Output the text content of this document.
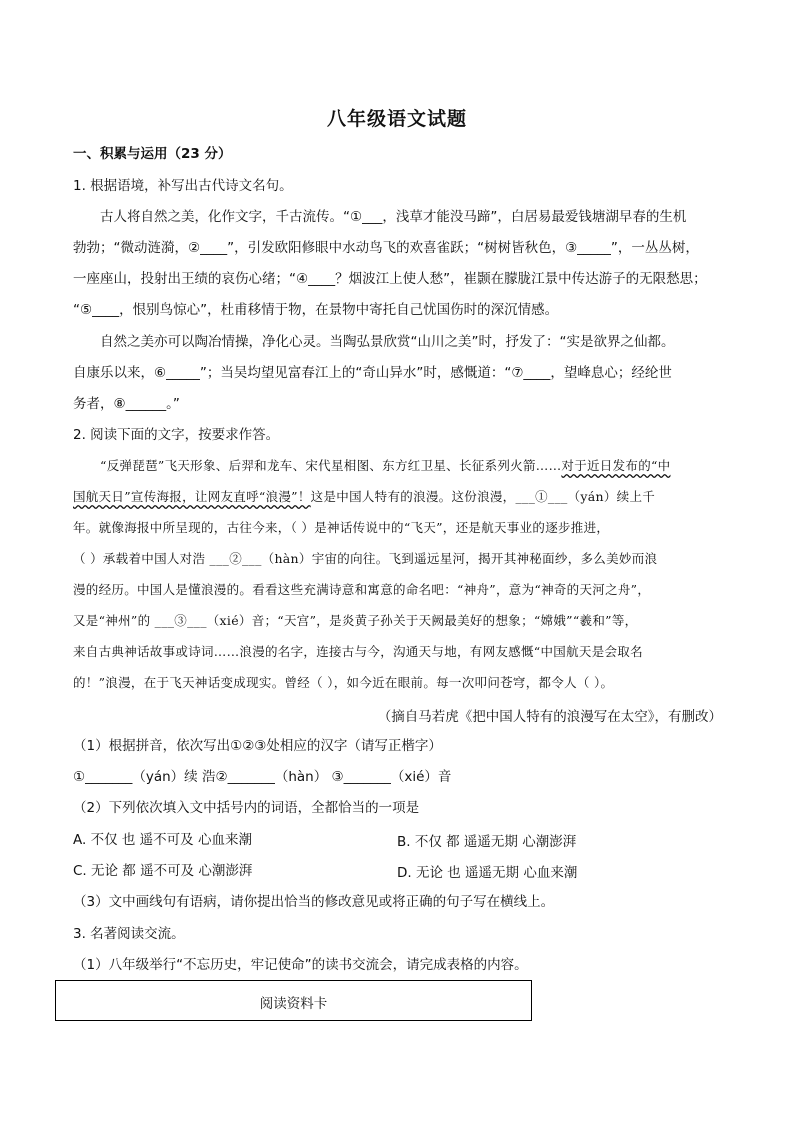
八年级语文试题
一、积累与运用（23 分）
1. 根据语境，补写出古代诗文名句。
古人将自然之美，化作文字，千古流传。“①___，浅草才能没马蹄”，白居易最爱钱塘湖早春的生机
勃勃；“微动涟漪，②____”，引发欧阳修眼中水动鸟飞的欢喜雀跃；“树树皆秋色，③_____”，一丛丛树，
一座座山，投射出王绩的哀伤心绪；“④____？烟波江上使人愁”，崔颢在朦胧江景中传达游子的无限愁思；
“⑤____，恨别鸟惊心”，杜甫移情于物，在景物中寄托自己忧国伤时的深沉情感。
自然之美亦可以陶冶情操，净化心灵。当陶弘景欣赏“山川之美”时，抒发了：“实是欲界之仙都。
自康乐以来，⑥_____”；当吴均望见富春江上的“奇山异水”时，感慨道：“⑦____，望峰息心；经纶世
务者，⑧______。”
2. 阅读下面的文字，按要求作答。
“反弹琵琶”飞天形象、后羿和龙车、宋代星相图、东方红卫星、长征系列火箭……对于近日发布的“中
国航天日”宣传海报，让网友直呼“浪漫”！这是中国人特有的浪漫。这份浪漫，___①___（yán）续上千
年。就像海报中所呈现的，古往今来，（ ）是神话传说中的“飞天”，还是航天事业的逐步推进，
（ ）承载着中国人对浩 ___②___（hàn）宇宙的向往。飞到遥远星河，揭开其神秘面纱，多么美妙而浪
漫的经历。中国人是懂浪漫的。看看这些充满诗意和寓意的命名吧：“神舟”，意为“神奇的天河之舟”，
又是“神州”的 ___③___（xié）音；“天宫”，是炎黄子孙关于天阙最美好的想象；“嫦娥”“羲和”等，
来自古典神话故事或诗词……浪漫的名字，连接古与今，沟通天与地，有网友感慨“中国航天是会取名
的！”浪漫，在于飞天神话变成现实。曾经（ ），如今近在眼前。每一次叩问苍穹，都令人（ ）。
（摘自马若虎《把中国人特有的浪漫写在太空》，有删改）
（1）根据拼音，依次写出①②③处相应的汉字（请写正楷字）
①_______（yán）续 浩②_______（hàn） ③_______（xié）音
（2）下列依次填入文中括号内的词语，全都恰当的一项是
A. 不仅 也 遥不可及 心血来潮	B. 不仅 都 遥遥无期 心潮澎湃
C. 无论 都 遥不可及 心潮澎湃	D. 无论 也 遥遥无期 心血来潮
（3）文中画线句有语病，请你提出恰当的修改意见或将正确的句子写在横线上。
3. 名著阅读交流。
（1）八年级举行“不忘历史，牢记使命”的读书交流会，请完成表格的内容。
阅读资料卡
